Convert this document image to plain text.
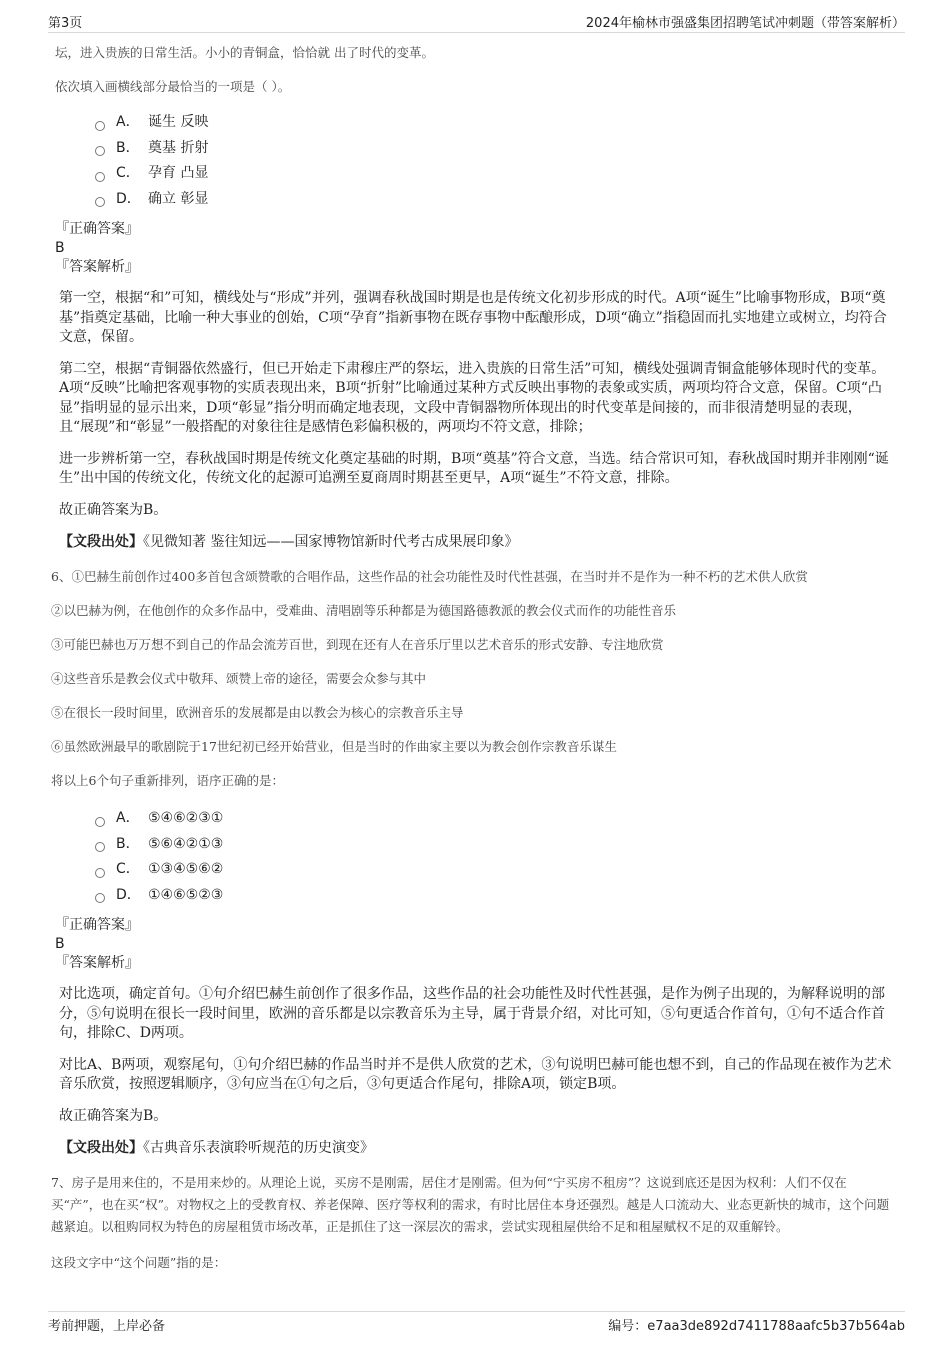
第3页	2024年榆林市强盛集团招聘笔试冲刺题（带答案解析）

坛，进入贵族的日常生活。小小的青铜盒，恰恰就 出了时代的变革。

依次填入画横线部分最恰当的一项是（ ）。

A． 诞生 反映
B． 奠基 折射
C． 孕育 凸显
D． 确立 彰显

『正确答案』

B

『答案解析』

第一空，根据“和”可知，横线处与“形成”并列，强调春秋战国时期是也是传统文化初步形成的时代。A项“诞生”比喻事物形成，B项“奠基”指奠定基础，比喻一种大事业的创始，C项“孕育”指新事物在既存事物中酝酿形成，D项“确立”指稳固而扎实地建立或树立，均符合文意，保留。

第二空，根据“青铜器依然盛行，但已开始走下肃穆庄严的祭坛，进入贵族的日常生活”可知，横线处强调青铜盒能够体现时代的变革。A项“反映”比喻把客观事物的实质表现出来，B项“折射”比喻通过某种方式反映出事物的表象或实质，两项均符合文意，保留。C项“凸显”指明显的显示出来，D项“彰显”指分明而确定地表现，文段中青铜器物所体现出的时代变革是间接的，而非很清楚明显的表现，且“展现”和“彰显”一般搭配的对象往往是感情色彩偏积极的，两项均不符文意，排除；

进一步辨析第一空，春秋战国时期是传统文化奠定基础的时期，B项“奠基”符合文意，当选。结合常识可知，春秋战国时期并非刚刚“诞生”出中国的传统文化，传统文化的起源可追溯至夏商周时期甚至更早，A项“诞生”不符文意，排除。

故正确答案为B。

【文段出处】《见微知著 鉴往知远——国家博物馆新时代考古成果展印象》

6、①巴赫生前创作过400多首包含颂赞歌的合唱作品，这些作品的社会功能性及时代性甚强，在当时并不是作为一种不朽的艺术供人欣赏

②以巴赫为例，在他创作的众多作品中，受难曲、清唱剧等乐种都是为德国路德教派的教会仪式而作的功能性音乐

③可能巴赫也万万想不到自己的作品会流芳百世，到现在还有人在音乐厅里以艺术音乐的形式安静、专注地欣赏

④这些音乐是教会仪式中敬拜、颂赞上帝的途径，需要会众参与其中

⑤在很长一段时间里，欧洲音乐的发展都是由以教会为核心的宗教音乐主导

⑥虽然欧洲最早的歌剧院于17世纪初已经开始营业，但是当时的作曲家主要以为教会创作宗教音乐谋生

将以上6个句子重新排列，语序正确的是：

A． ⑤④⑥②③①
B． ⑤⑥④②①③
C． ①③④⑤⑥②
D． ①④⑥⑤②③

『正确答案』

B

『答案解析』

对比选项，确定首句。①句介绍巴赫生前创作了很多作品，这些作品的社会功能性及时代性甚强，是作为例子出现的，为解释说明的部分，⑤句说明在很长一段时间里，欧洲的音乐都是以宗教音乐为主导，属于背景介绍，对比可知，⑤句更适合作首句，①句不适合作首句，排除C、D两项。

对比A、B两项，观察尾句，①句介绍巴赫的作品当时并不是供人欣赏的艺术，③句说明巴赫可能也想不到，自己的作品现在被作为艺术音乐欣赏，按照逻辑顺序，③句应当在①句之后，③句更适合作尾句，排除A项，锁定B项。

故正确答案为B。

【文段出处】《古典音乐表演聆听规范的历史演变》

7、房子是用来住的，不是用来炒的。从理论上说，买房不是刚需，居住才是刚需。但为何“宁买房不租房”？这说到底还是因为权利：人们不仅在买“产”，也在买“权”。对物权之上的受教育权、养老保障、医疗等权利的需求，有时比居住本身还强烈。越是人口流动大、业态更新快的城市，这个问题越紧迫。以租购同权为特色的房屋租赁市场改革，正是抓住了这一深层次的需求，尝试实现租屋供给不足和租屋赋权不足的双重解铃。

这段文字中“这个问题”指的是：

考前押题，上岸必备	编号：e7aa3de892d7411788aafc5b37b564ab
